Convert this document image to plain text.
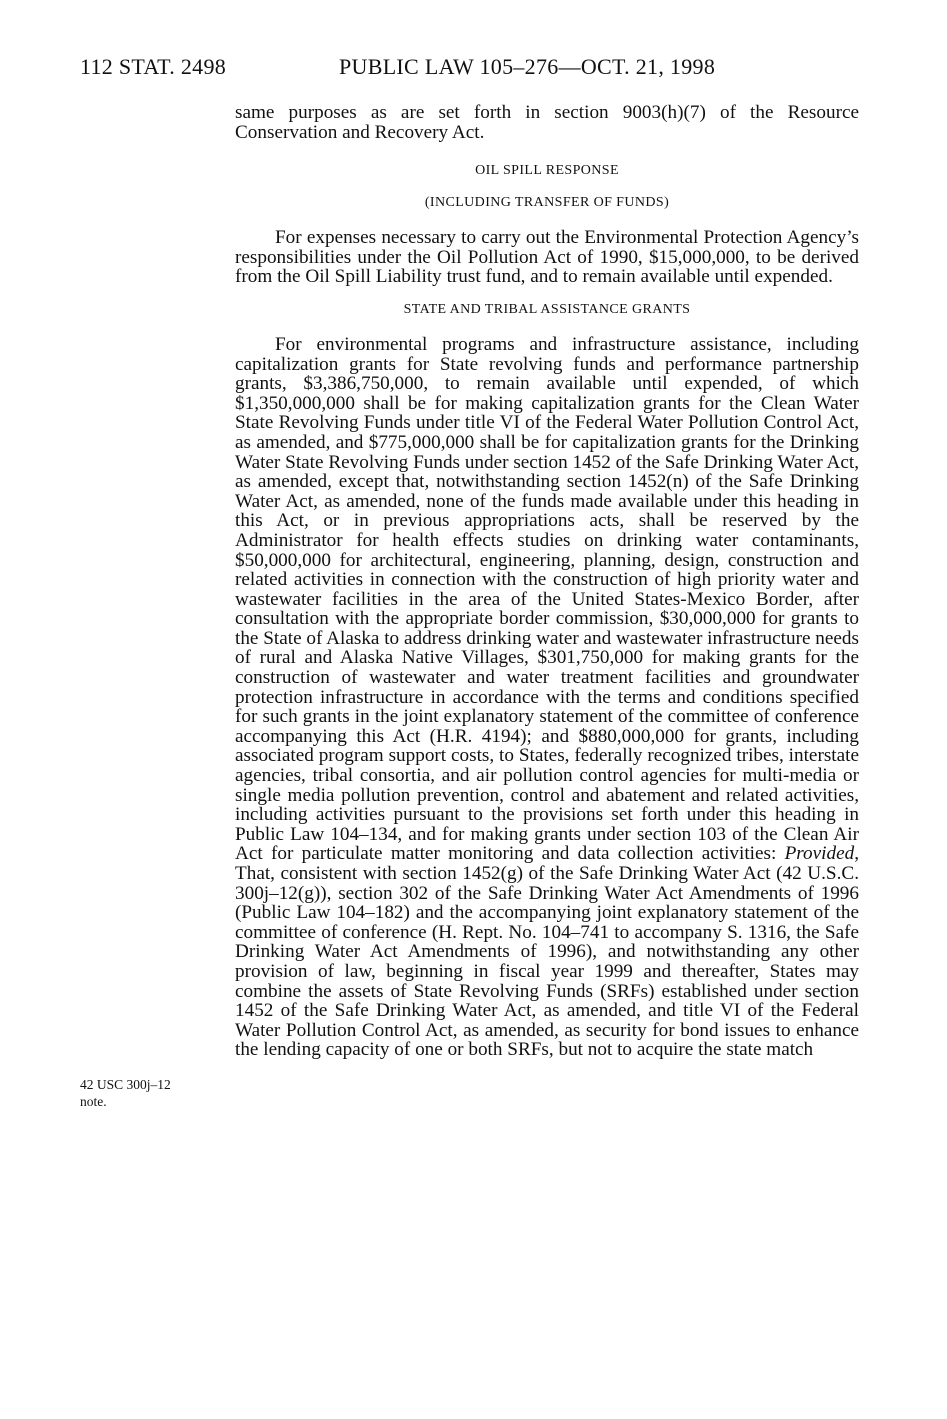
112 STAT. 2498	PUBLIC LAW 105–276—OCT. 21, 1998

same purposes as are set forth in section 9003(h)(7) of the Resource Conservation and Recovery Act.

OIL SPILL RESPONSE
(INCLUDING TRANSFER OF FUNDS)

For expenses necessary to carry out the Environmental Protection Agency’s responsibilities under the Oil Pollution Act of 1990, $15,000,000, to be derived from the Oil Spill Liability trust fund, and to remain available until expended.

STATE AND TRIBAL ASSISTANCE GRANTS

For environmental programs and infrastructure assistance, including capitalization grants for State revolving funds and performance partnership grants, $3,386,750,000, to remain available until expended, of which $1,350,000,000 shall be for making capitalization grants for the Clean Water State Revolving Funds under title VI of the Federal Water Pollution Control Act, as amended, and $775,000,000 shall be for capitalization grants for the Drinking Water State Revolving Funds under section 1452 of the Safe Drinking Water Act, as amended, except that, notwithstanding section 1452(n) of the Safe Drinking Water Act, as amended, none of the funds made available under this heading in this Act, or in previous appropriations acts, shall be reserved by the Administrator for health effects studies on drinking water contaminants, $50,000,000 for architectural, engineering, planning, design, construction and related activities in connection with the construction of high priority water and wastewater facilities in the area of the United States-Mexico Border, after consultation with the appropriate border commission, $30,000,000 for grants to the State of Alaska to address drinking water and wastewater infrastructure needs of rural and Alaska Native Villages, $301,750,000 for making grants for the construction of wastewater and water treatment facilities and groundwater protection infrastructure in accordance with the terms and conditions specified for such grants in the joint explanatory statement of the committee of conference accompanying this Act (H.R. 4194); and $880,000,000 for grants, including associated program support costs, to States, federally recognized tribes, interstate agencies, tribal consortia, and air pollution control agencies for multi-media or single media pollution prevention, control and abatement and related activities, including activities pursuant to the provisions set forth under this heading in Public Law 104–134, and for making grants under section 103 of the Clean Air Act for particulate matter monitoring and data collection activities: Provided, That, consistent with section 1452(g) of the Safe Drinking Water Act (42 U.S.C. 300j–12(g)), section 302 of the Safe Drinking Water Act Amendments of 1996 (Public Law 104–182) and the accompanying joint explanatory statement of the committee of conference (H. Rept. No. 104–741 to accompany S. 1316, the Safe Drinking Water Act Amendments of 1996), and notwithstanding any other provision of law, beginning in fiscal year 1999 and thereafter, States may combine the assets of State Revolving Funds (SRFs) established under section 1452 of the Safe Drinking Water Act, as amended, and title VI of the Federal Water Pollution Control Act, as amended, as security for bond issues to enhance the lending capacity of one or both SRFs, but not to acquire the state match

42 USC 300j–12
note.
